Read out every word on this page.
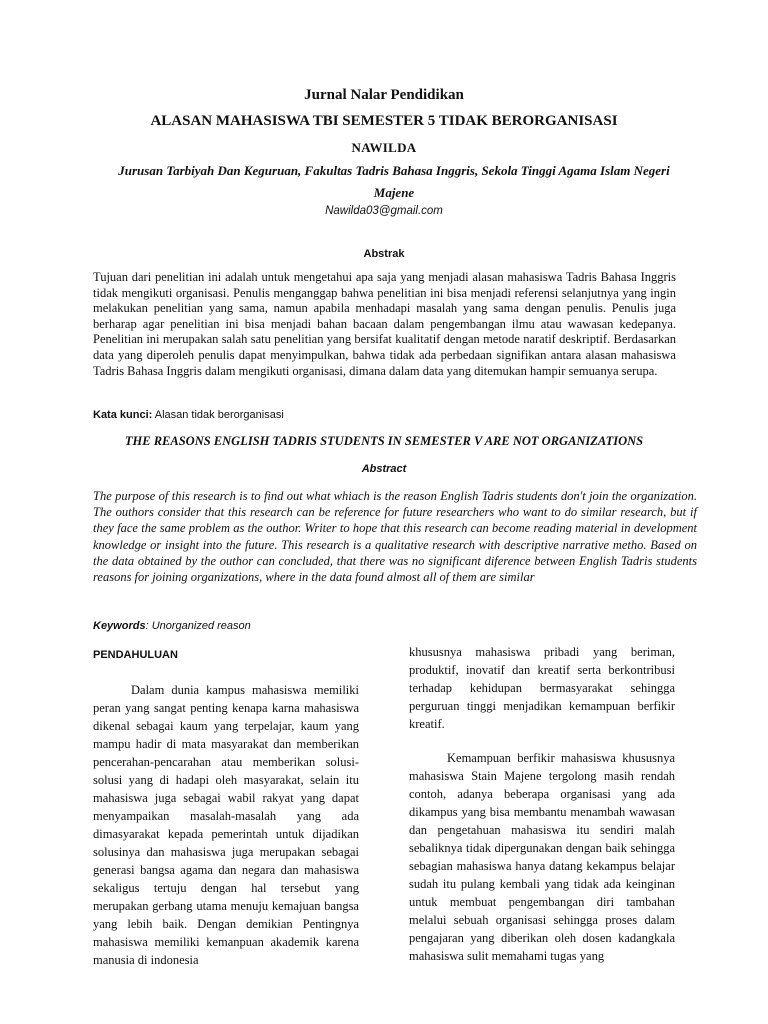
Jurnal Nalar Pendidikan
ALASAN MAHASISWA TBI SEMESTER 5 TIDAK BERORGANISASI
NAWILDA
Jurusan Tarbiyah Dan Keguruan, Fakultas Tadris Bahasa Inggris, Sekola Tinggi Agama Islam Negeri Majene
Nawilda03@gmail.com
Abstrak
Tujuan dari penelitian ini adalah untuk mengetahui apa saja yang menjadi alasan mahasiswa Tadris Bahasa Inggris tidak mengikuti organisasi. Penulis menganggap bahwa penelitian ini bisa menjadi referensi selanjutnya yang ingin melakukan penelitian yang sama, namun apabila menhadapi masalah yang sama dengan penulis. Penulis juga berharap agar penelitian ini bisa menjadi bahan bacaan dalam pengembangan ilmu atau wawasan kedepanya. Penelitian ini merupakan salah satu penelitian yang bersifat kualitatif dengan metode naratif deskriptif. Berdasarkan data yang diperoleh penulis dapat menyimpulkan, bahwa tidak ada perbedaan signifikan antara alasan mahasiswa Tadris Bahasa Inggris dalam mengikuti organisasi, dimana dalam data yang ditemukan hampir semuanya serupa.
Kata kunci: Alasan tidak berorganisasi
THE REASONS ENGLISH TADRIS STUDENTS IN SEMESTER V ARE NOT ORGANIZATIONS
Abstract
The purpose of this research is to find out what whiach is the reason English Tadris students don't join the organization. The outhors consider that this research can be reference for future researchers who want to do similar research, but if they face the same problem as the outhor. Writer to hope that this research can become reading material in development knowledge or insight into the future. This research is a qualitative research with descriptive narrative metho. Based on the data obtained by the outhor can concluded, that there was no significant diference between English Tadris students reasons for joining organizations, where in the data found almost all of them are similar
Keywords: Unorganized reason
PENDAHULUAN

Dalam dunia kampus mahasiswa memiliki peran yang sangat penting kenapa karna mahasiswa dikenal sebagai kaum yang terpelajar, kaum yang mampu hadir di mata masyarakat dan memberikan pencerahan-pencarahan atau memberikan solusi-solusi yang di hadapi oleh masyarakat, selain itu mahasiswa juga sebagai wabil rakyat yang dapat menyampaikan masalah-masalah yang ada dimasyarakat kepada pemerintah untuk dijadikan solusinya dan mahasiswa juga merupakan sebagai generasi bangsa agama dan negara dan mahasiswa sekaligus tertuju dengan hal tersebut yang merupakan gerbang utama menuju kemajuan bangsa yang lebih baik. Dengan demikian Pentingnya mahasiswa memiliki kemanpuan akademik karena manusia di indonesia

khususnya mahasiswa pribadi yang beriman, produktif, inovatif dan kreatif serta berkontribusi terhadap kehidupan bermasyarakat sehingga perguruan tinggi menjadikan kemampuan berfikir kreatif.

Kemampuan berfikir mahasiswa khususnya mahasiswa Stain Majene tergolong masih rendah contoh, adanya beberapa organisasi yang ada dikampus yang bisa membantu menambah wawasan dan pengetahuan mahasiswa itu sendiri malah sebaliknya tidak dipergunakan dengan baik sehingga sebagian mahasiswa hanya datang kekampus belajar sudah itu pulang kembali yang tidak ada keinginan untuk membuat pengembangan diri tambahan melalui sebuah organisasi sehingga proses dalam pengajaran yang diberikan oleh dosen kadangkala mahasiswa sulit memahami tugas yang
